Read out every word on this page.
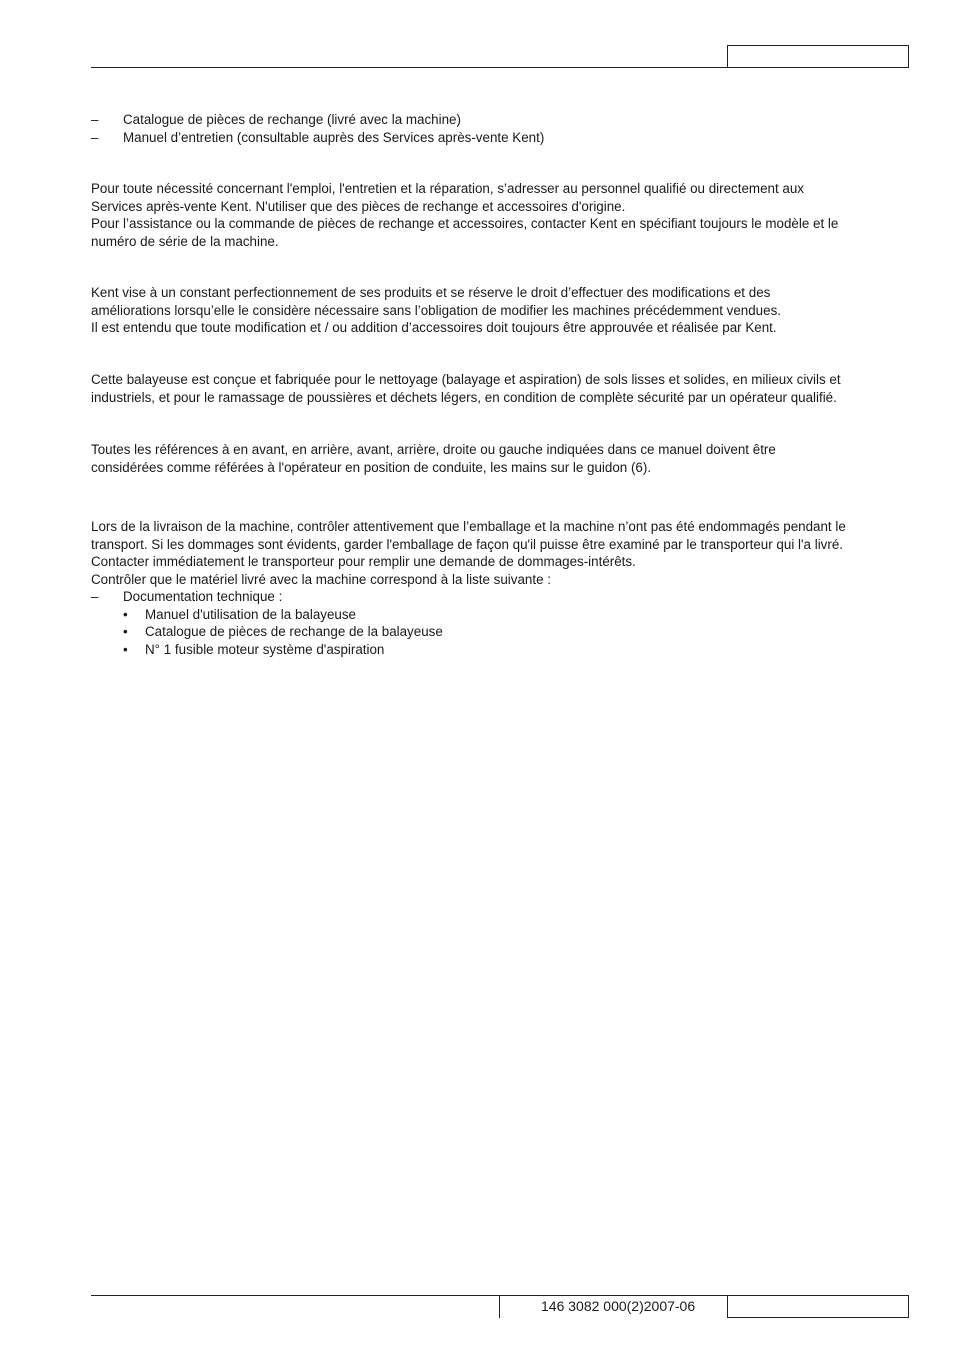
– Catalogue de pièces de rechange (livré avec la machine)
– Manuel d’entretien (consultable auprès des Services après-vente Kent)

Pour toute nécessité concernant l'emploi, l'entretien et la réparation, s’adresser au personnel qualifié ou directement aux

Services après-vente Kent. N'utiliser que des pièces de rechange et accessoires d'origine.

Pour l’assistance ou la commande de pièces de rechange et accessoires, contacter Kent en spécifiant toujours le modèle et le

numéro de série de la machine.

Kent vise à un constant perfectionnement de ses produits et se réserve le droit d’effectuer des modifications et des

améliorations lorsqu’elle le considère nécessaire sans l’obligation de modifier les machines précédemment vendues.

Il est entendu que toute modification et / ou addition d’accessoires doit toujours être approuvée et réalisée par Kent.

Cette balayeuse est conçue et fabriquée pour le nettoyage (balayage et aspiration) de sols lisses et solides, en milieux civils et

industriels, et pour le ramassage de poussières et déchets légers, en condition de complète sécurité par un opérateur qualifié.

Toutes les références à en avant, en arrière, avant, arrière, droite ou gauche indiquées dans ce manuel doivent être

considérées comme référées à l'opérateur en position de conduite, les mains sur le guidon (6).

Lors de la livraison de la machine, contrôler attentivement que l’emballage et la machine n’ont pas été endommagés pendant le

transport. Si les dommages sont évidents, garder l'emballage de façon qu'il puisse être examiné par le transporteur qui l'a livré.

Contacter immédiatement le transporteur pour remplir une demande de dommages-intérêts.

Contrôler que le matériel livré avec la machine correspond à la liste suivante :

– Documentation technique :
• Manuel d'utilisation de la balayeuse
• Catalogue de pièces de rechange de la balayeuse
• N° 1 fusible moteur système d'aspiration
146 3082 000(2)2007-06
